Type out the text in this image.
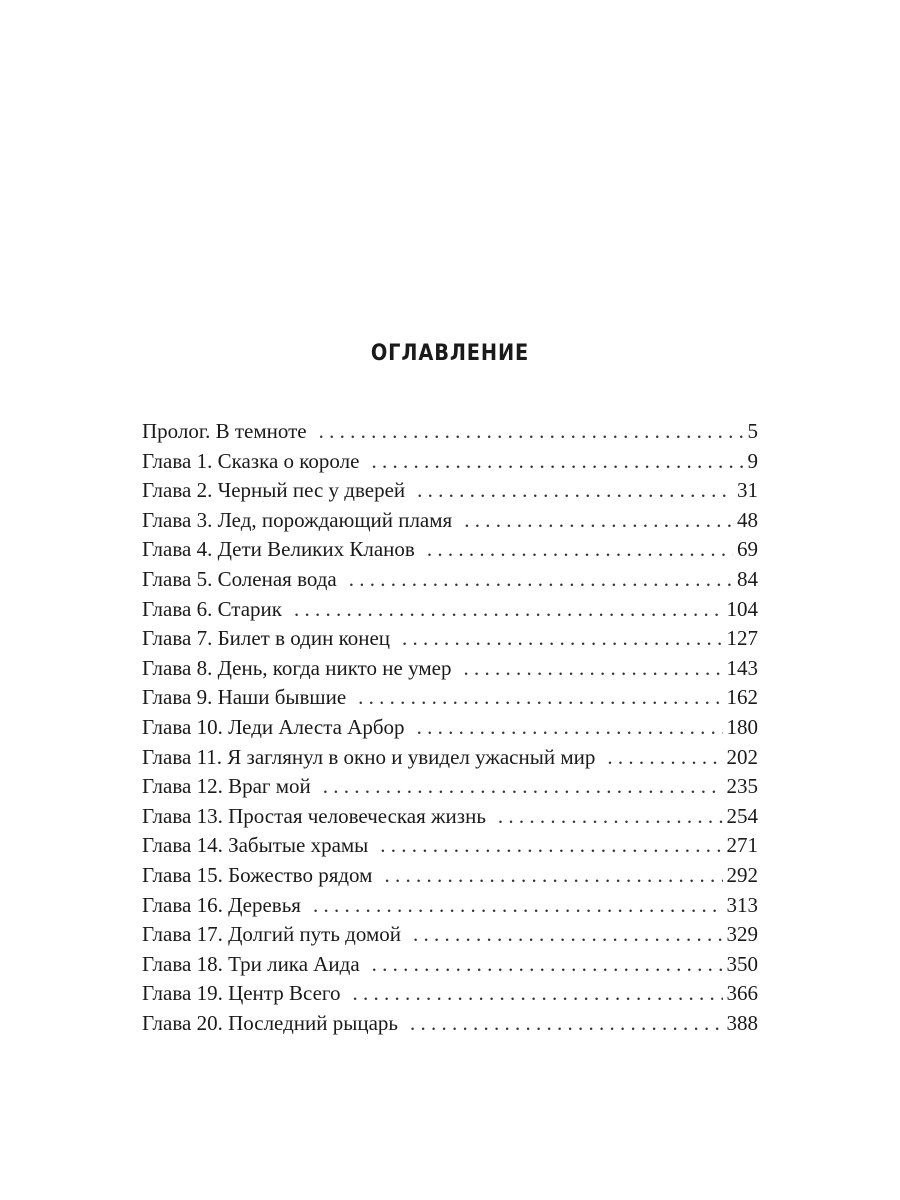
ОГЛАВЛЕНИЕ
Пролог. В темноте . . .	5
Глава 1. Сказка о короле . . .	9
Глава 2. Черный пес у дверей . . .	31
Глава 3. Лед, порождающий пламя . . .	48
Глава 4. Дети Великих Кланов . . .	69
Глава 5. Соленая вода . . .	84
Глава 6. Старик . . .	104
Глава 7. Билет в один конец . . .	127
Глава 8. День, когда никто не умер . . .	143
Глава 9. Наши бывшие . . .	162
Глава 10. Леди Алеста Арбор . . .	180
Глава 11. Я заглянул в окно и увидел ужасный мир . . .	202
Глава 12. Враг мой . . .	235
Глава 13. Простая человеческая жизнь . . .	254
Глава 14. Забытые храмы . . .	271
Глава 15. Божество рядом . . .	292
Глава 16. Деревья . . .	313
Глава 17. Долгий путь домой . . .	329
Глава 18. Три лика Аида . . .	350
Глава 19. Центр Всего . . .	366
Глава 20. Последний рыцарь . . .	388
